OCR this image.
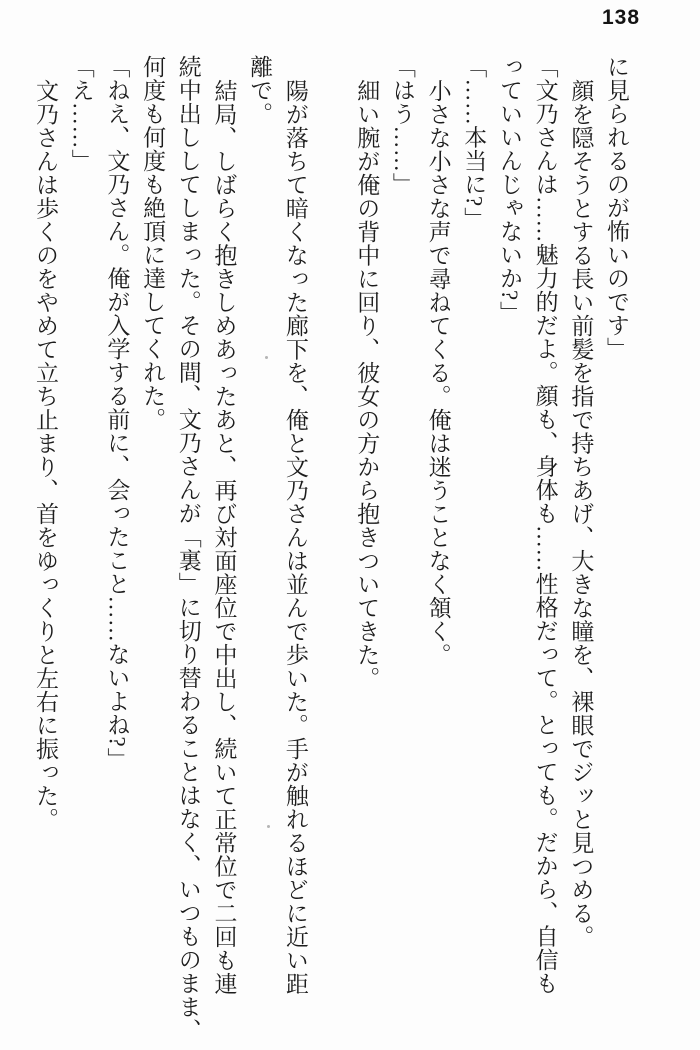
138
に見られるのが怖いのです」
顔を隠そうとする長い前髪を指で持ちあげ、大きな瞳を、裸眼でジッと見つめる。
「文乃さんは……魅力的だよ。顔も、身体も……性格だって。とっても。だから、自信も
っていいんじゃないか?」
「……本当に?」
小さな小さな声で尋ねてくる。俺は迷うことなく頷く。
「はう……」
細い腕が俺の背中に回り、彼女の方から抱きついてきた。
陽が落ちて暗くなった廊下を、俺と文乃さんは並んで歩いた。手が触れるほどに近い距
離で。
結局、しばらく抱きしめあったあと、再び対面座位で中出し、続いて正常位で二回も連
続中出ししてしまった。その間、文乃さんが「裏」に切り替わることはなく、いつものまま、
何度も何度も絶頂に達してくれた。
「ねえ、文乃さん。俺が入学する前に、会ったこと……ないよね?」
「え……」
文乃さんは歩くのをやめて立ち止まり、首をゆっくりと左右に振った。
